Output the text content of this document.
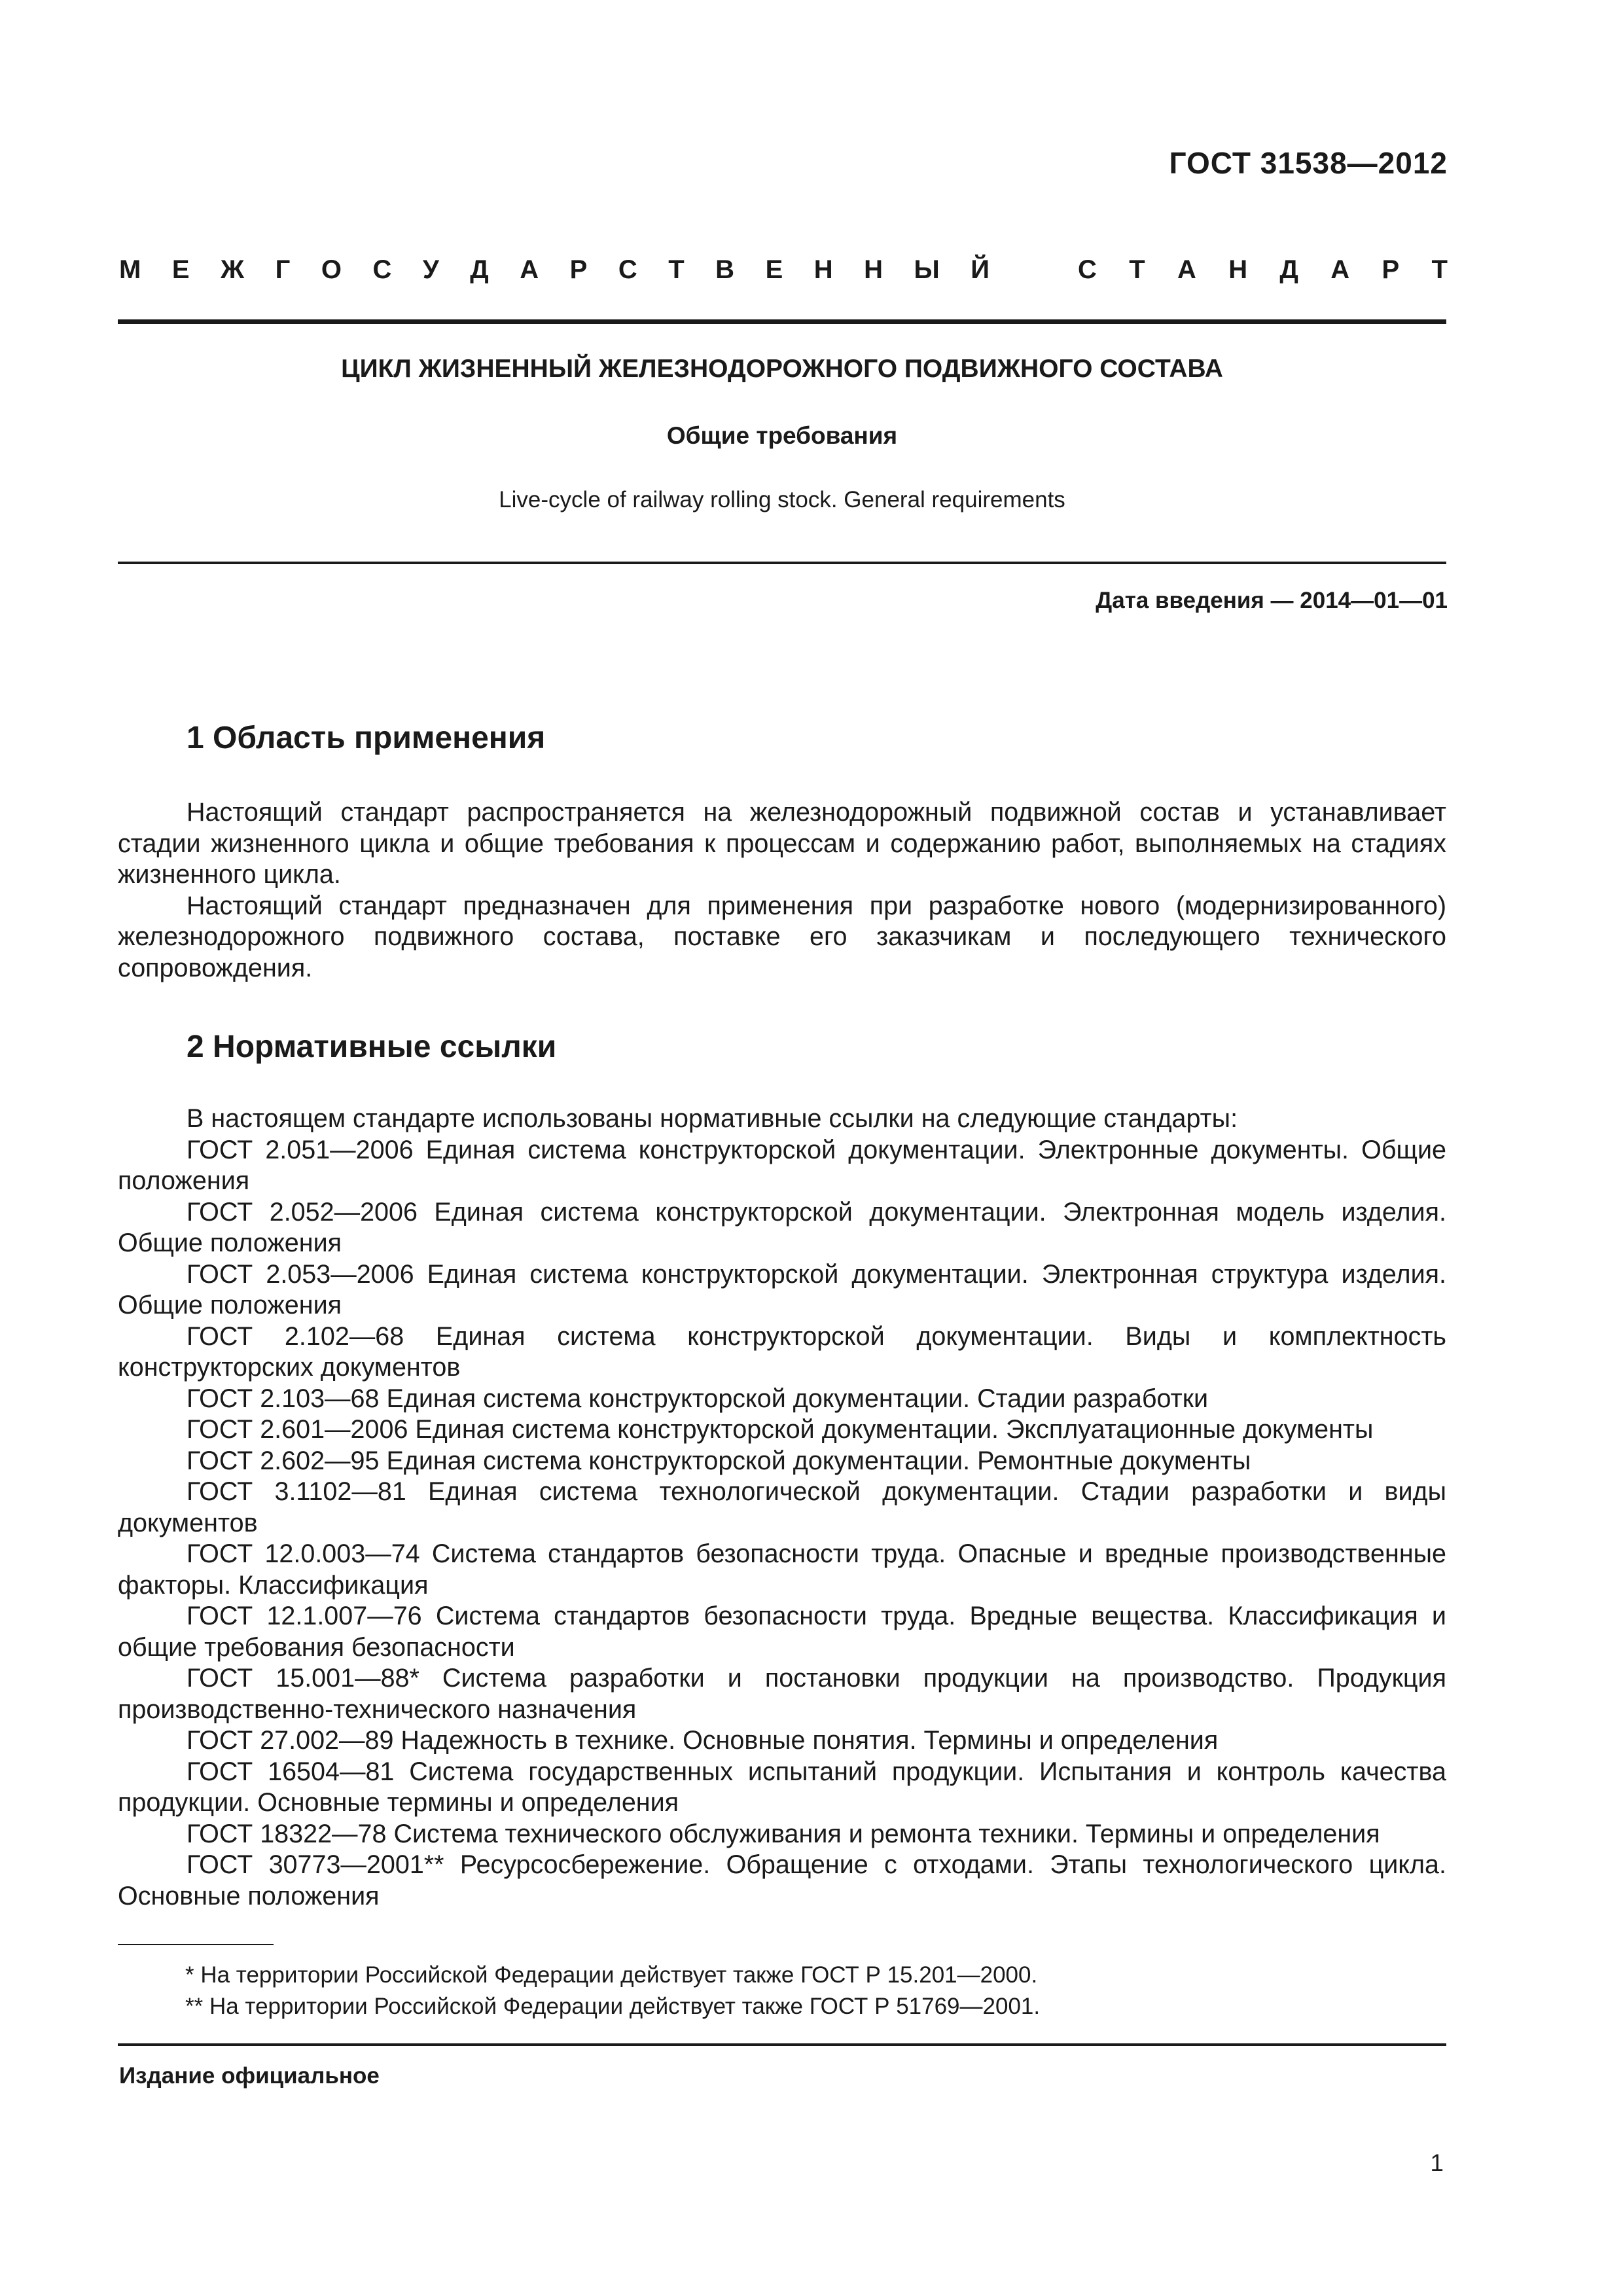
ГОСТ 31538—2012
М Е Ж Г О С У Д А Р С Т В Е Н Н Ы Й	С Т А Н Д А Р Т
ЦИКЛ ЖИЗНЕННЫЙ ЖЕЛЕЗНОДОРОЖНОГО ПОДВИЖНОГО СОСТАВА
Общие требования
Live-cycle of railway rolling stock. General requirements
Дата введения — 2014—01—01
1 Область применения

Настоящий стандарт распространяется на железнодорожный подвижной состав и устанавливает стадии жизненного цикла и общие требования к процессам и содержанию работ, выполняемых на стадиях жизненного цикла.

Настоящий стандарт предназначен для применения при разработке нового (модернизированного) железнодорожного подвижного состава, поставке его заказчикам и последующего технического сопровождения.

2 Нормативные ссылки

В настоящем стандарте использованы нормативные ссылки на следующие стандарты:

ГОСТ 2.051—2006 Единая система конструкторской документации. Электронные документы. Общие положения

ГОСТ 2.052—2006 Единая система конструкторской документации. Электронная модель изделия. Общие положения

ГОСТ 2.053—2006 Единая система конструкторской документации. Электронная структура изделия. Общие положения

ГОСТ 2.102—68 Единая система конструкторской документации. Виды и комплектность конструкторских документов

ГОСТ 2.103—68 Единая система конструкторской документации. Стадии разработки

ГОСТ 2.601—2006 Единая система конструкторской документации. Эксплуатационные документы

ГОСТ 2.602—95 Единая система конструкторской документации. Ремонтные документы

ГОСТ 3.1102—81 Единая система технологической документации. Стадии разработки и виды документов

ГОСТ 12.0.003—74 Система стандартов безопасности труда. Опасные и вредные производственные факторы. Классификация

ГОСТ 12.1.007—76 Система стандартов безопасности труда. Вредные вещества. Классификация и общие требования безопасности

ГОСТ 15.001—88* Система разработки и постановки продукции на производство. Продукция производственно-технического назначения

ГОСТ 27.002—89 Надежность в технике. Основные понятия. Термины и определения

ГОСТ 16504—81 Система государственных испытаний продукции. Испытания и контроль качества продукции. Основные термины и определения

ГОСТ 18322—78 Система технического обслуживания и ремонта техники. Термины и определения

ГОСТ 30773—2001** Ресурсосбережение. Обращение с отходами. Этапы технологического цикла. Основные положения

* На территории Российской Федерации действует также ГОСТ Р 15.201—2000.
** На территории Российской Федерации действует также ГОСТ Р 51769—2001.
Издание официальное
1
